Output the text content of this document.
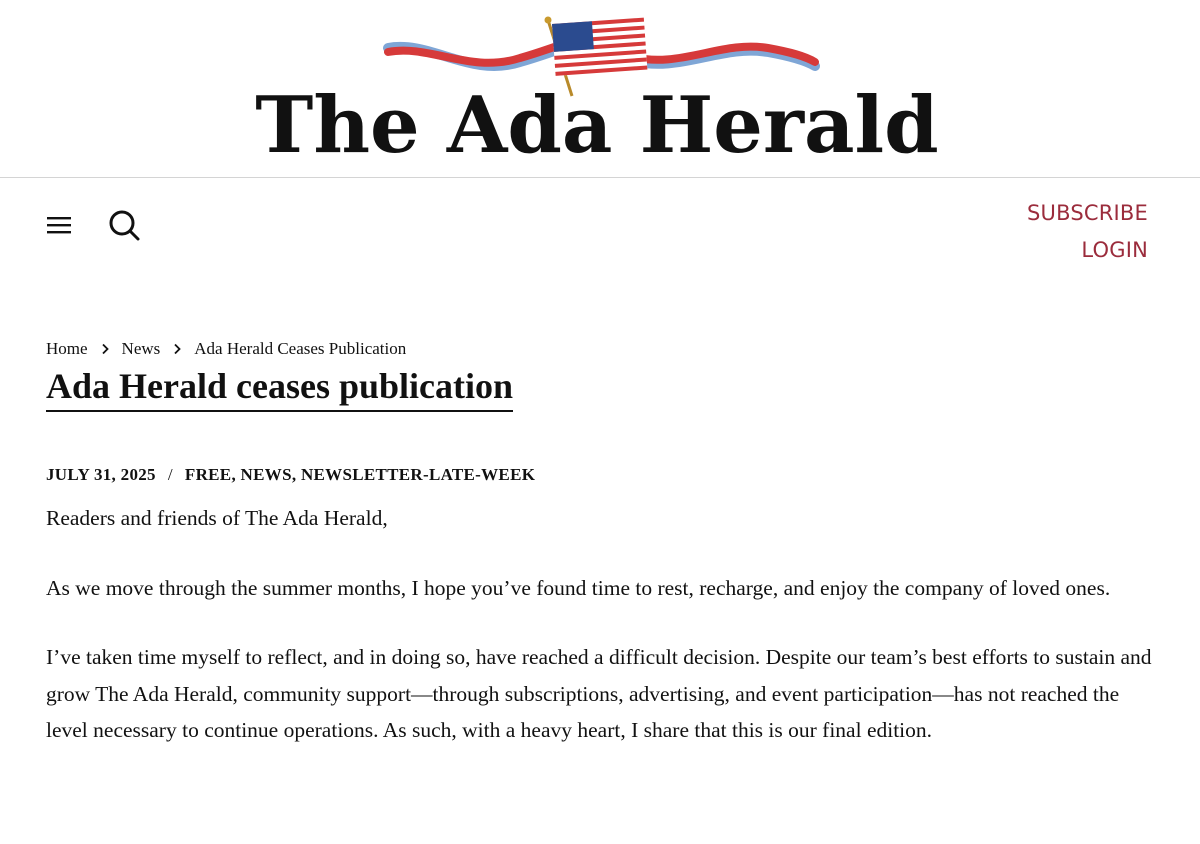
The Ada Herald
SUBSCRIBE
LOGIN
Home News Ada Herald Ceases Publication
Ada Herald ceases publication
JULY 31, 2025 / FREE, NEWS, NEWSLETTER-LATE-WEEK

Readers and friends of The Ada Herald,

As we move through the summer months, I hope you’ve found time to rest, recharge, and enjoy the company of loved ones.

I’ve taken time myself to reflect, and in doing so, have reached a difficult decision. Despite our team’s best efforts to sustain and grow The Ada Herald, community support—through subscriptions, advertising, and event participation—has not reached the level necessary to continue operations. As such, with a heavy heart, I share that this is our final edition.
